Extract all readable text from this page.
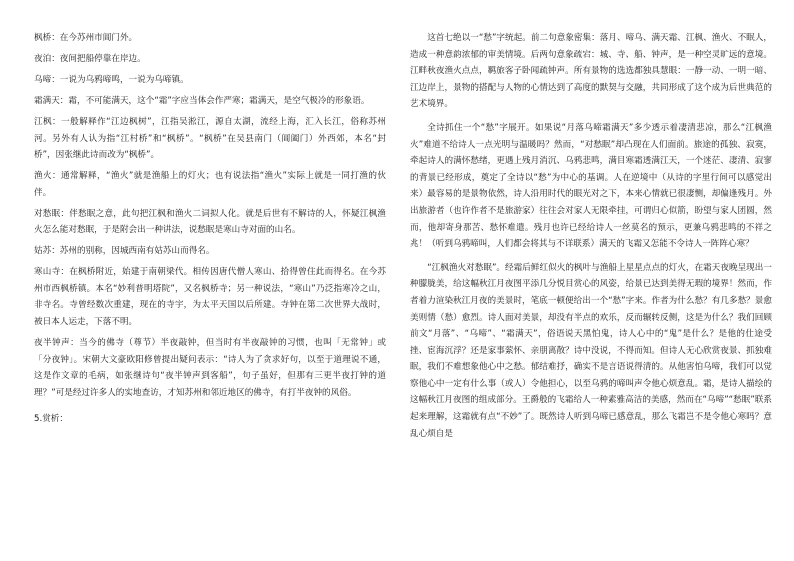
枫桥：在今苏州市阊门外。

夜泊：夜间把船停靠在岸边。

乌啼：一说为乌鸦啼鸣，一说为乌啼镇。

霜满天：霜，不可能满天，这个“霜”字应当体会作严寒；霜满天，是空气极冷的形象语。

江枫：一般解释作“江边枫树”，江指吴淞江，源自太湖，流经上海，汇入长江，俗称苏州河。另外有人认为指“江村桥”和“枫桥”。“枫桥”在吴县南门（阊阖门）外西郊，本名“封桥”，因张继此诗而改为“枫桥”。

渔火：通常解释，“渔火”就是渔船上的灯火；也有说法指“渔火”实际上就是一同打渔的伙伴。

对愁眠：伴愁眠之意，此句把江枫和渔火二词拟人化。就是后世有不解诗的人，怀疑江枫渔火怎么能对愁眠，于是附会出一种讲法，说愁眠是寒山寺对面的山名。

姑苏：苏州的别称，因城西南有姑苏山而得名。

寒山寺：在枫桥附近，始建于南朝梁代。相传因唐代僧人寒山、拾得曾住此而得名。在今苏州市西枫桥镇。本名“妙利普明塔院”，又名枫桥寺；另一种说法，“寒山”乃泛指寒冷之山，非寺名。寺曾经数次重建，现在的寺宇，为太平天国以后所建。寺钟在第二次世界大战时，被日本人运走，下落不明。

夜半钟声：当今的佛寺（尊节）半夜敲钟，但当时有半夜敲钟的习惯，也叫「无常钟」或「分夜钟」。宋朝大文豪欧阳修曾提出疑问表示：“诗人为了贪求好句，以至于道理说不通，这是作文章的毛病，如张继诗句“夜半钟声到客船”，句子虽好，但那有三更半夜打钟的道理？”可是经过许多人的实地查访，才知苏州和邻近地区的佛寺，有打半夜钟的风俗。

5.赏析：

这首七绝以一“愁”字统起。前二句意象密集：落月、啼乌、满天霜、江枫、渔火、不眠人，造成一种意韵浓郁的审美情境。后两句意象疏宕：城、寺、船、钟声，是一种空灵旷远的意境。江畔秋夜渔火点点，羁旅客子卧闻疏钟声。所有景物的选选都独具慧眼：一静一动、一明一暗、江边岸上，景物的搭配与人物的心情达到了高度的默契与交融，共同形成了这个成为后世典范的艺术境界。

全诗抓住一个“愁”字展开。如果说“月落乌啼霜满天”多少透示着凄清悲凉，那么“江枫渔火”难道不给诗人一点光明与温暖吗？然而，“对愁眠”却凸现在人们面前。旅途的孤独、寂寞，牵起诗人的满怀愁绪，更遇上残月消沉、乌鸦悲鸣，满目寒霜透满江天，一个迷茫、凄清、寂寥的背景已经形成，奠定了全诗以“愁”为中心的基调。人在逆境中（从诗的字里行间可以感觉出来）最容易的是景物依然，诗人沿用时代的眼光对之下，本来心情就已很凄恻，却偏逢残月。外出旅游者（也许作者不是旅游家）往往会对家人无限牵挂，可谓归心似箭，盼望与家人团圆，然而，他却寄身那苦、愁怀难遣。残月也许已经给诗人一丝莫名的预示，更兼乌鸦悲鸣的不祥之兆！（听到乌鸦啼叫，人们都会将其与不详联系）满天的飞霜又怎能不令诗人一阵阵心寒？

“江枫渔火对愁眠”。经霜后鲜红似火的枫叶与渔船上星星点点的灯火，在霜天夜晚呈现出一种朦胧美，给这幅秋江月夜图平添几分悦目赏心的风姿，给景已达到美得无瑕的境界！然而，作者着力渲染秋江月夜的美景时，笔底一顿便给出一个“愁”字来。作者为什么愁？有几多愁？景愈美则情（愁）愈烈。诗人面对美景，却没有半点的欢乐，反而辗转反侧，这是为什么？我们回顾前文“月落”、“乌啼”、“霜满天”，俗语说天黑怕鬼，诗人心中的“鬼”是什么？是他的仕途受挫、宦海沉浮？还是家事萦怀、亲朋离散？诗中没说，不得而知。但诗人无心欣赏夜景、抓独难眠，我们不难想象他心中之愁。郁结难抒，确实不是言语说得清的。从他害怕乌啼，我们可以觉察他心中一定有什么事（或人）令他担心，以至乌鸦的啼叫声令他心烦意乱。霜，是诗人描绘的这幅秋江月夜图的组成部分。王爵般的飞霜给人一种素雅高洁的美感，然而在“乌啼”“愁眠”联系起来理解，这霜就有点“不妙”了。既然诗人听到乌啼已感意乱，那么飞霜岂不是令他心寒吗？意乱心烦自是
